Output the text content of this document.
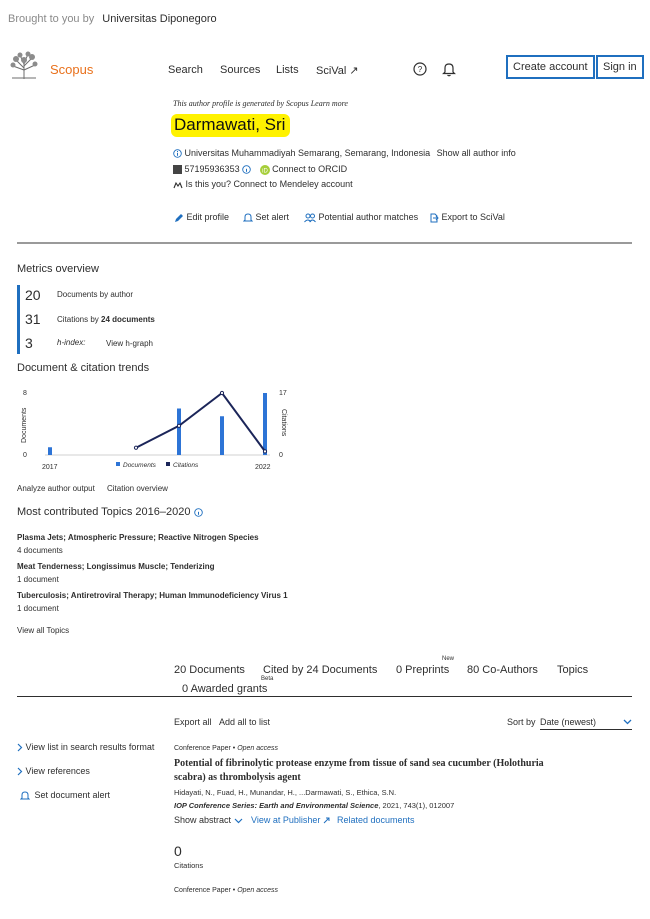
Brought to you by Universitas Diponegoro
Scopus	Search Sources Lists SciVal ↗	?	Create account	Sign in
This author profile is generated by Scopus Learn more
Darmawati, Sri
Universitas Muhammadiyah Semarang, Semarang, Indonesia Show all author info
57195936353	iD Connect to ORCID
Is this you? Connect to Mendeley account
Edit profile	Set alert	Potential author matches	Export to SciVal
Metrics overview
20 Documents by author
31 Citations by 24 documents
3	h-index:	View h-graph
Document & citation trends
8
0
17
0
Documents	Citations
2017	2022
Documents	Citations
Analyze author output Citation overview
Most contributed Topics 2016–2020
Plasma Jets; Atmospheric Pressure; Reactive Nitrogen Species
4 documents
Meat Tenderness; Longissimus Muscle; Tenderizing
1 document
Tuberculosis; Antiretroviral Therapy; Human Immunodeficiency Virus 1
1 document
View all Topics
20 Documents Cited by 24 Documents 0 Preprints
New
80 Co-Authors Topics
0 Awarded grants
Beta
Export all Add all to list	Sort by Date (newest)
View list in search results format
View references
Set document alert
Conference Paper • Open access
Potential of fibrinolytic protease enzyme from tissue of sand sea cucumber (Holothuria
scabra) as thrombolysis agent
Hidayati, N., Fuad, H., Munandar, H., ...Darmawati, S., Ethica, S.N.
IOP Conference Series: Earth and Environmental Science, 2021, 743(1), 012007
Show abstract	View at Publisher	Related documents
0
Citations
Conference Paper • Open access
